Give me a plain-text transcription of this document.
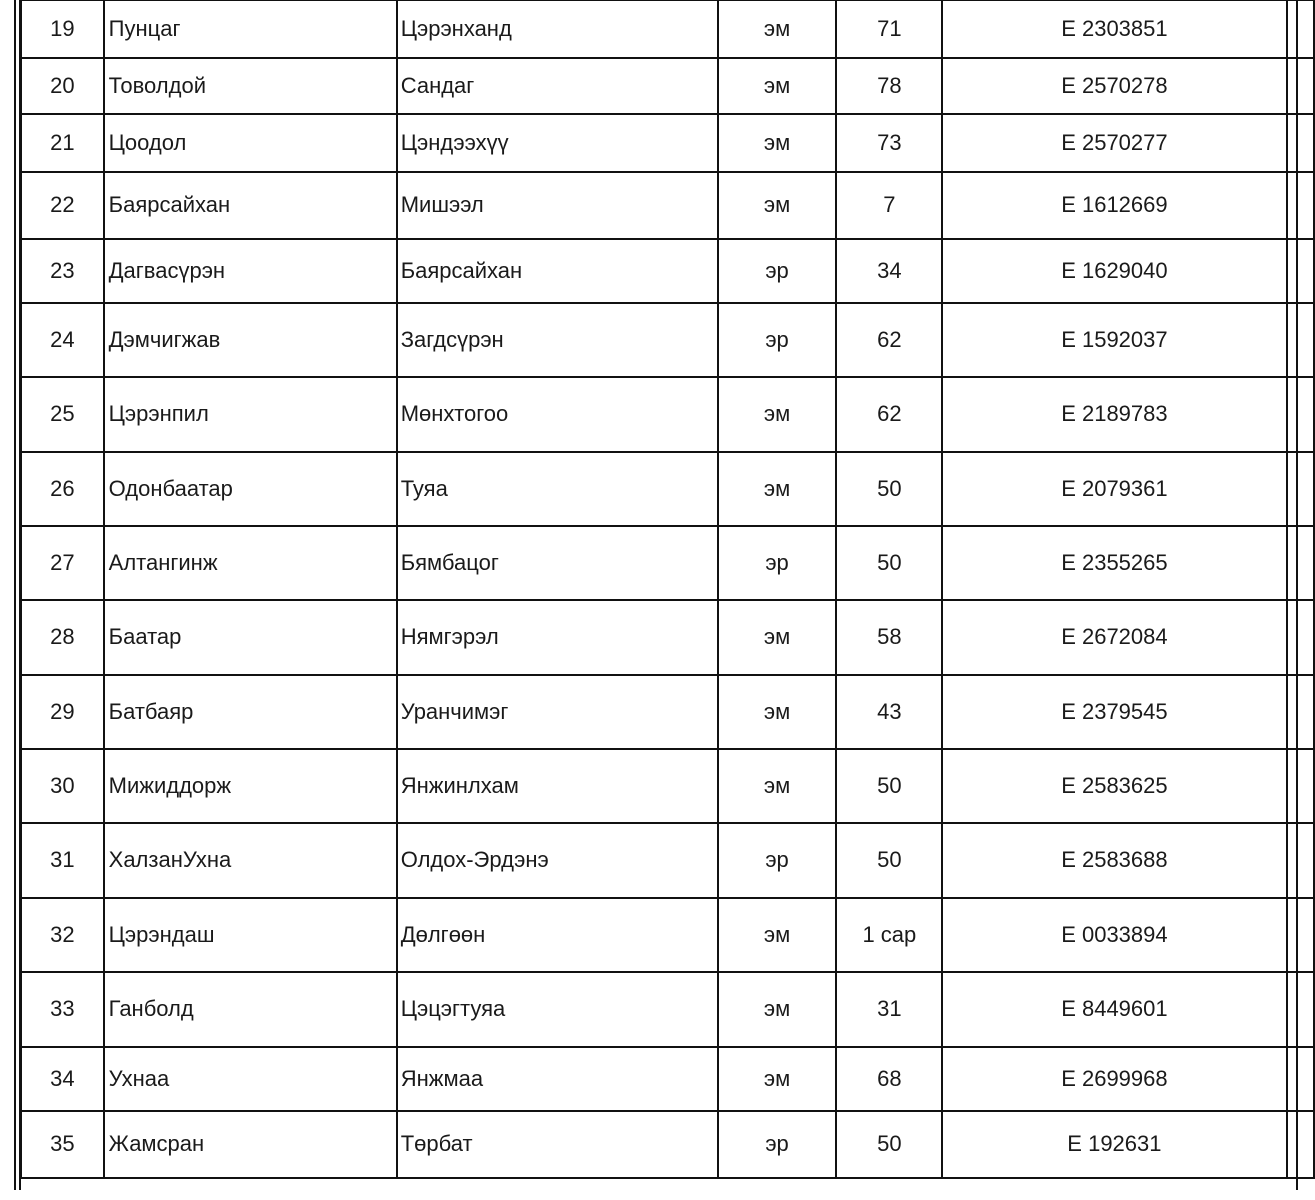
19	Пунцаг	Цэрэнханд	эм	71	E 2303851	
20	Товолдой	Сандаг	эм	78	E 2570278	
21	Цоодол	Цэндээхүү	эм	73	E 2570277	
22	Баярсайхан	Мишээл	эм	7	E 1612669	
23	Дагвасүрэн	Баярсайхан	эр	34	E 1629040	
24	Дэмчигжав	Загдсүрэн	эр	62	E 1592037	
25	Цэрэнпил	Мөнхтогоо	эм	62	E 2189783	
26	Одонбаатар	Туяа	эм	50	E 2079361	
27	Алтангинж	Бямбацог	эр	50	E 2355265	
28	Баатар	Нямгэрэл	эм	58	E 2672084	
29	Батбаяр	Уранчимэг	эм	43	E 2379545	
30	Мижиддорж	Янжинлхам	эм	50	E 2583625	
31	ХалзанУхна	Олдох-Эрдэнэ	эр	50	E 2583688	
32	Цэрэндаш	Дөлгөөн	эм	1 сар	E 0033894	
33	Ганболд	Цэцэгтуяа	эм	31	E 8449601	
34	Ухнаа	Янжмаа	эм	68	E 2699968	
35	Жамсран	Төрбат	эр	50	E 192631	
